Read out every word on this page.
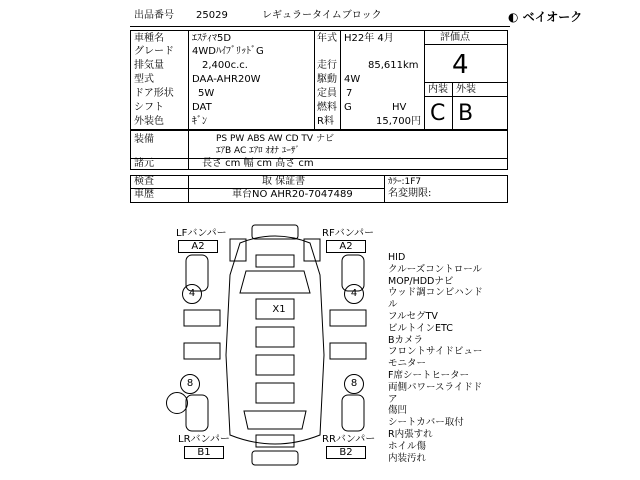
出品番号 25029	レギュラータイムブロック	◐ ベイオーク
車種名	ｴｽﾃｨﾏ5D
グレード 4WDﾊｲﾌﾞﾘｯﾄﾞG
排気量	2,400c.c.
型式	DAA-AHR20W
ドア形状 5W
シフト	DAT
外装色	ｷﾞﾝ
年式 H22年 4月
走行	85,611km
駆動 4W
定員 7
燃料 G	HV
R料	15,700円
評価点
4
内装 外装
C B
装備	PS PW ABS AW CD TV ナビ
ｴｱB AC ｴｱﾛ ｵｵﾅ ﾕｰｻﾞ
諸元	長さ cm 幅 cm 高さ cm
検査	取 保証書
車歴	車台NO AHR20-7047489
ｶﾗｰ:1F7
名変期限:
LFバンパー
A2
RFバンパー
A2
LRバンパー
B1
RRバンパー
B2
X1
4	4
8	8
HID
クルーズコントロール
MOP/HDDナビ
ウッド調コンビハンド
ル
フルセグTV
ビルトインETC
Bカメラ
フロントサイドビュー
モニター
F席シートヒーター
両側パワースライドド
ア
傷凹
シートカバー取付
R内張すれ
ホイル傷
内装汚れ
